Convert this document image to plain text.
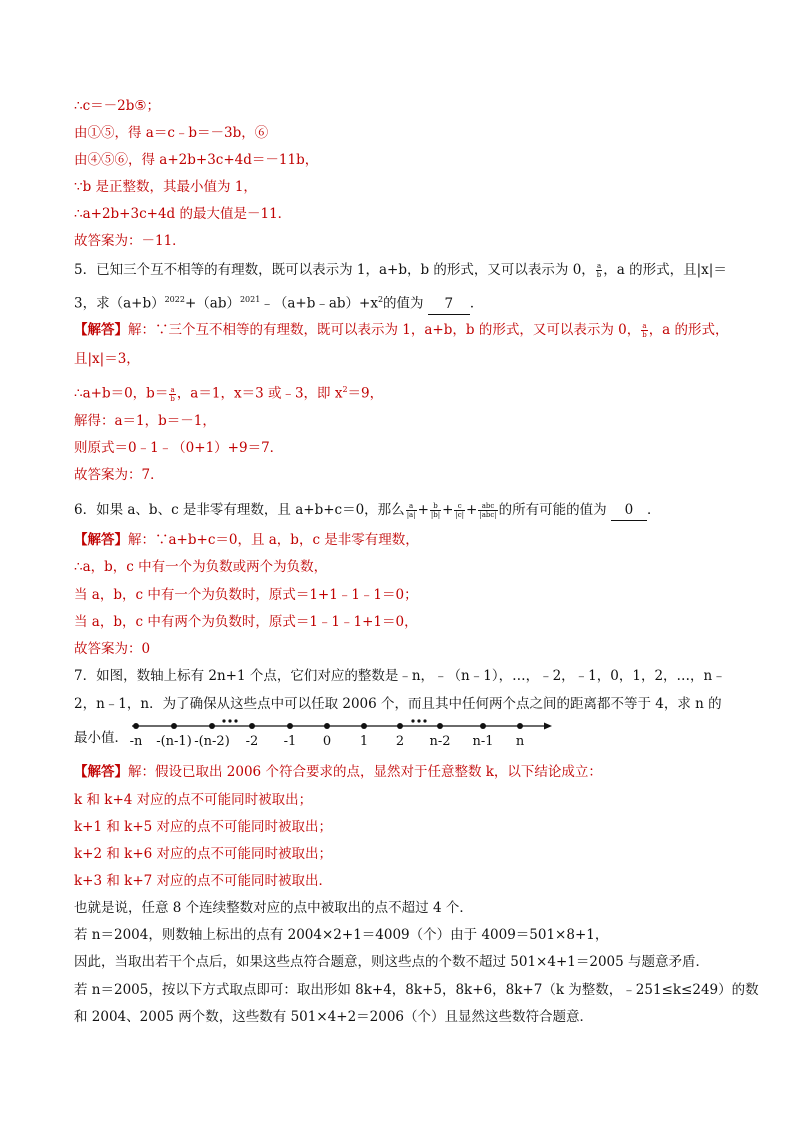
∴c＝－2b⑤；
由①⑤，得 a＝c﹣b＝－3b，⑥
由④⑤⑥，得 a+2b+3c+4d＝－11b，
∵b 是正整数，其最小值为 1，
∴a+2b+3c+4d 的最大值是－11．
故答案为：－11．
5．已知三个互不相等的有理数，既可以表示为 1，a+b，b 的形式，又可以表示为 0， $\frac{a}{b}$ ，a 的形式，且|x|＝
3，求$(a+b)^{2022}+(ab)^{2021}﹣(a+b﹣ab)+x^2$的值为 7 ．
【解答】解：∵三个互不相等的有理数，既可以表示为 1，a+b，b 的形式，又可以表示为 0， $\frac{a}{b}$ ，a 的形式，
且|x|＝3，
∴a+b＝0，$b= \frac{a}{b}$ ，a＝1，x＝3 或﹣3，即 $x^2=9$，
解得：a＝1，b＝－1，
则原式＝0﹣1﹣（0+1）+9＝7．
故答案为：7．
6．如果 a、b、c 是非零有理数，且 a+b+c＝0，那么 $\frac{a}{|a|} + \frac{b}{|b|} + \frac{c}{|c|} + \frac{\text{abc}}{\text{|abc|}}$ 的所有可能的值为 0 ．
【解答】解：∵a+b+c＝0，且 a，b，c 是非零有理数，
∴a，b，c 中有一个为负数或两个为负数，
当 a，b，c 中有一个为负数时，原式＝1+1﹣1﹣1＝0；
当 a，b，c 中有两个为负数时，原式＝1﹣1﹣1+1＝0，
故答案为：0
7．如图，数轴上标有 2n+1 个点，它们对应的整数是﹣n，﹣（n﹣1），…，﹣2，﹣1，0，1，2，…，n﹣
2，n﹣1，n．为了确保从这些点中可以任取 2006 个，而且其中任何两个点之间的距离都不等于 4，求 n 的
最小值． -n -(n-1) -(n-2) -2 -1 0 1 2 n-2 n-1 n
【解答】解：假设已取出 2006 个符合要求的点，显然对于任意整数 k，以下结论成立：
k 和 k+4 对应的点不可能同时被取出；
k+1 和 k+5 对应的点不可能同时被取出；
k+2 和 k+6 对应的点不可能同时被取出；
k+3 和 k+7 对应的点不可能同时被取出．
也就是说，任意 8 个连续整数对应的点中被取出的点不超过 4 个．
若 n＝2004，则数轴上标出的点有 2004×2+1＝4009（个）由于 4009＝501×8+1，
因此，当取出若干个点后，如果这些点符合题意，则这些点的个数不超过 501×4+1＝2005 与题意矛盾．
若 n＝2005，按以下方式取点即可：取出形如 8k+4，8k+5，8k+6，8k+7（k 为整数，﹣251≤k≤249）的数
和 2004、2005 两个数，这些数有 501×4+2＝2006（个）且显然这些数符合题意．
